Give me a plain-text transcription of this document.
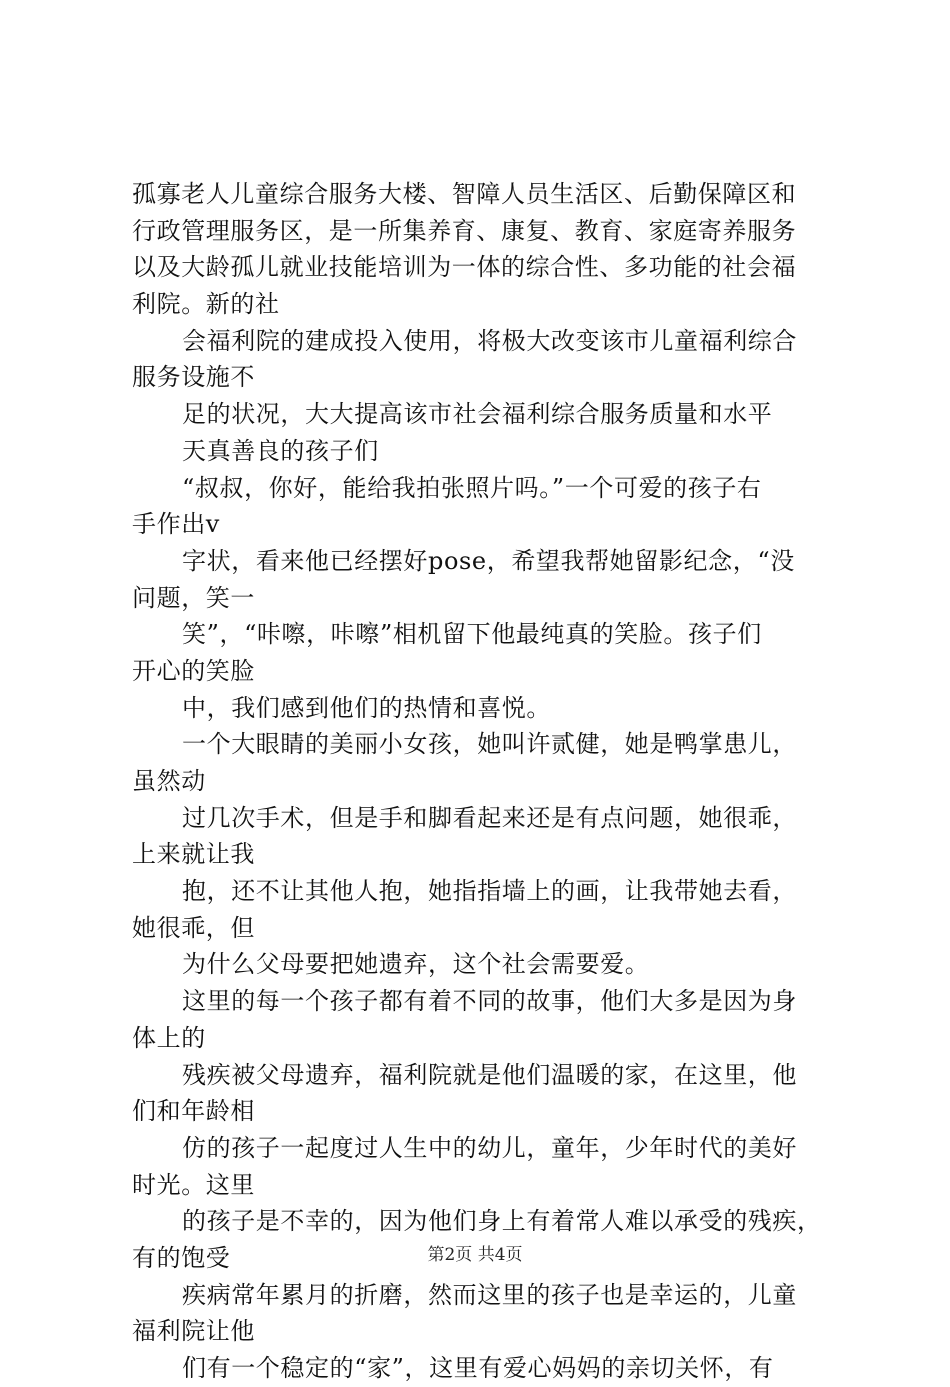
孤寡老人儿童综合服务大楼、智障人员生活区、后勤保障区和
行政管理服务区，是一所集养育、康复、教育、家庭寄养服务
以及大龄孤儿就业技能培训为一体的综合性、多功能的社会福
利院。新的社
会福利院的建成投入使用，将极大改变该市儿童福利综合
服务设施不
足的状况，大大提高该市社会福利综合服务质量和水平
天真善良的孩子们
“叔叔，你好，能给我拍张照片吗。”一个可爱的孩子右
手作出v
字状，看来他已经摆好pose，希望我帮她留影纪念，“没
问题，笑一
笑”，“咔嚓，咔嚓”相机留下他最纯真的笑脸。孩子们
开心的笑脸
中，我们感到他们的热情和喜悦。
一个大眼睛的美丽小女孩，她叫许贰健，她是鸭掌患儿，
虽然动
过几次手术，但是手和脚看起来还是有点问题，她很乖，
上来就让我
抱，还不让其他人抱，她指指墙上的画，让我带她去看，
她很乖，但
为什么父母要把她遗弃，这个社会需要爱。
这里的每一个孩子都有着不同的故事，他们大多是因为身
体上的
残疾被父母遗弃，福利院就是他们温暖的家，在这里，他
们和年龄相
仿的孩子一起度过人生中的幼儿，童年，少年时代的美好
时光。这里
的孩子是不幸的，因为他们身上有着常人难以承受的残疾，
有的饱受
疾病常年累月的折磨，然而这里的孩子也是幸运的，儿童
福利院让他
们有一个稳定的“家”，这里有爱心妈妈的亲切关怀，有
第2页 共4页
